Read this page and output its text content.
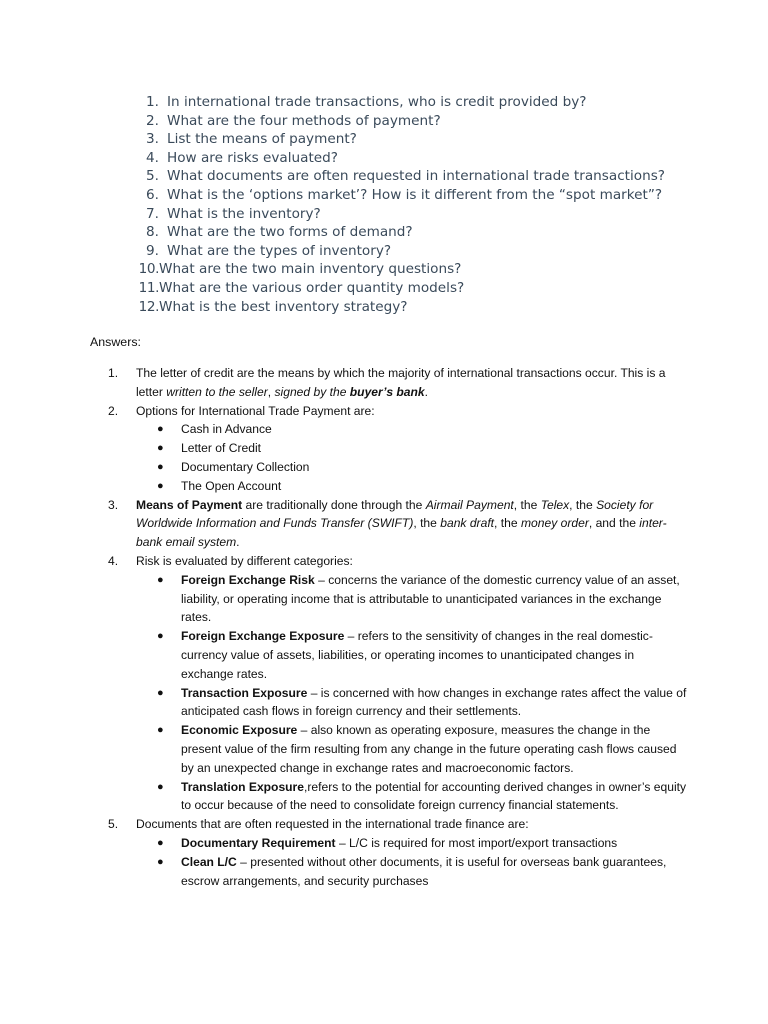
1. In international trade transactions, who is credit provided by?
2. What are the four methods of payment?
3. List the means of payment?
4. How are risks evaluated?
5. What documents are often requested in international trade transactions?
6. What is the ‘options market’? How is it different from the “spot market”?
7. What is the inventory?
8. What are the two forms of demand?
9. What are the types of inventory?
10. What are the two main inventory questions?
11. What are the various order quantity models?
12. What is the best inventory strategy?
Answers:
1.	The letter of credit are the means by which the majority of international transactions occur. This is a letter written to the seller, signed by the buyer’s bank.
2.	Options for International Trade Payment are:
●	Cash in Advance
●	Letter of Credit
●	Documentary Collection
●	The Open Account
3.	Means of Payment are traditionally done through the Airmail Payment, the Telex, the Society for Worldwide Information and Funds Transfer (SWIFT), the bank draft, the money order, and the inter-bank email system.
4.	Risk is evaluated by different categories:
●	Foreign Exchange Risk – concerns the variance of the domestic currency value of an asset, liability, or operating income that is attributable to unanticipated variances in the exchange rates.
●	Foreign Exchange Exposure – refers to the sensitivity of changes in the real domestic-currency value of assets, liabilities, or operating incomes to unanticipated changes in exchange rates.
●	Transaction Exposure – is concerned with how changes in exchange rates affect the value of anticipated cash flows in foreign currency and their settlements.
●	Economic Exposure – also known as operating exposure, measures the change in the present value of the firm resulting from any change in the future operating cash flows caused by an unexpected change in exchange rates and macroeconomic factors.
●	Translation Exposure,refers to the potential for accounting derived changes in owner’s equity to occur because of the need to consolidate foreign currency financial statements.
5.	Documents that are often requested in the international trade finance are:
●	Documentary Requirement – L/C is required for most import/export transactions
●	Clean L/C – presented without other documents, it is useful for overseas bank guarantees, escrow arrangements, and security purchases
